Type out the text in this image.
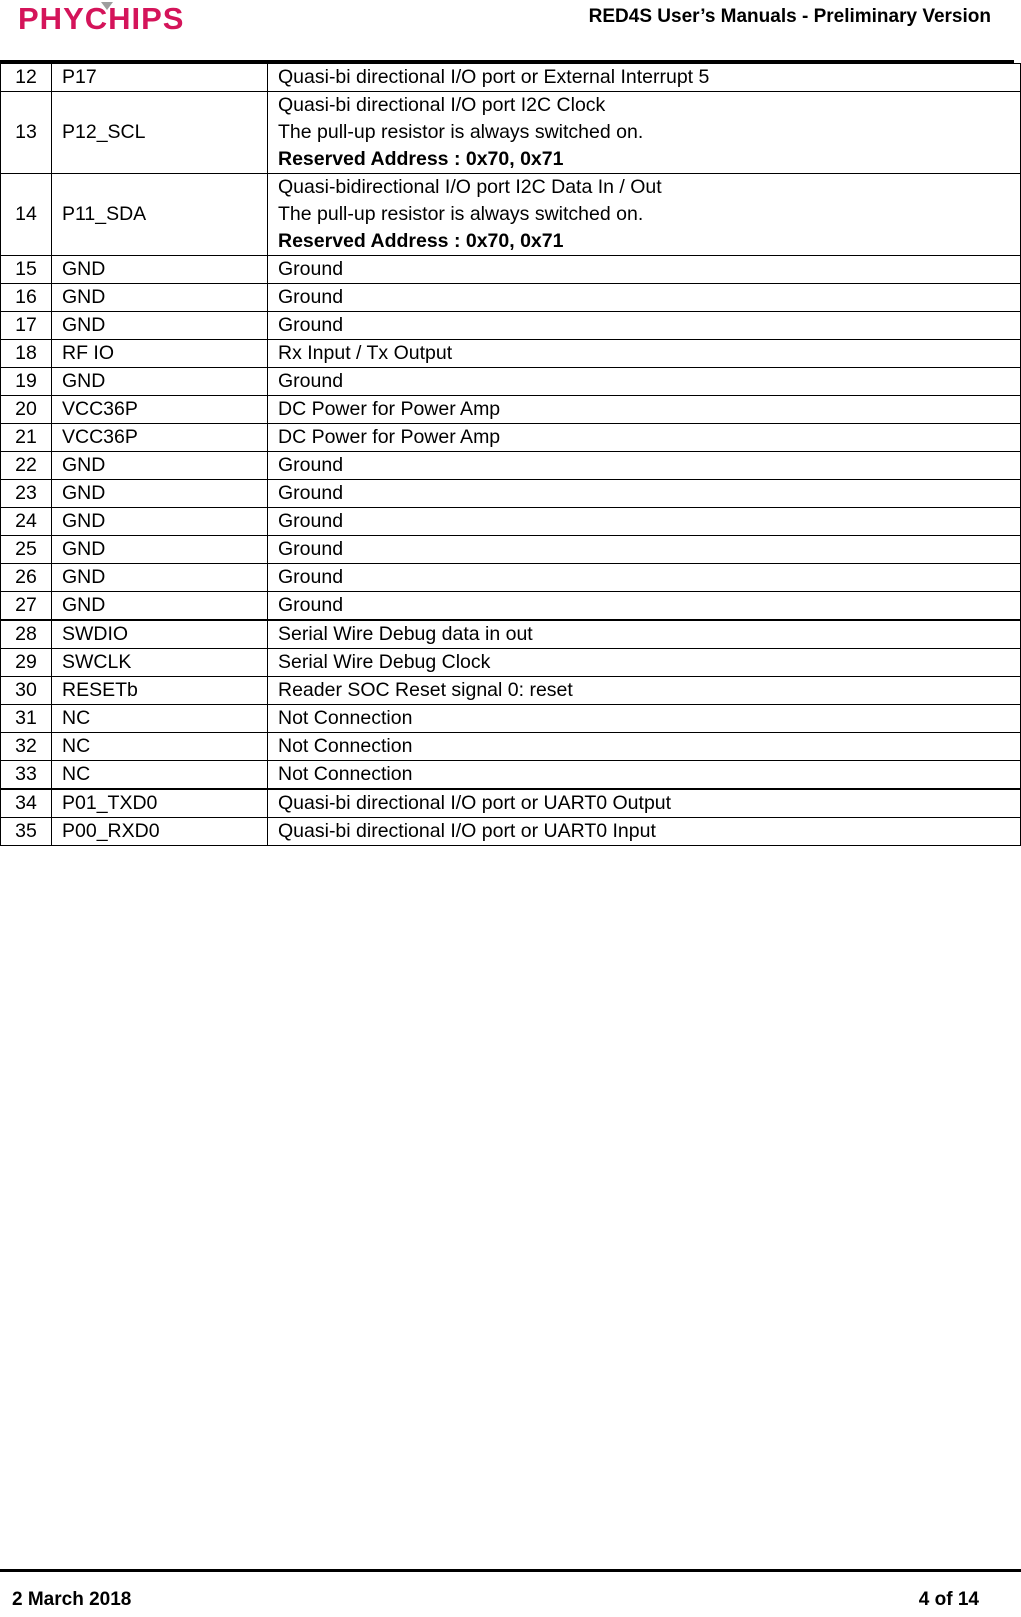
PHYCHIPS	RED4S User’s Manuals - Preliminary Version
12	P17	Quasi-bi directional I/O port or External Interrupt 5

13	P12_SCL	Quasi-bi directional I/O port I2C Clock
The pull-up resistor is always switched on.
Reserved Address : 0x70, 0x71

14	P11_SDA	Quasi-bidirectional I/O port I2C Data In / Out
The pull-up resistor is always switched on.
Reserved Address : 0x70, 0x71

15	GND	Ground

16	GND	Ground

17	GND	Ground

18	RF IO	Rx Input / Tx Output

19	GND	Ground

20	VCC36P	DC Power for Power Amp

21	VCC36P	DC Power for Power Amp

22	GND	Ground

23	GND	Ground

24	GND	Ground

25	GND	Ground

26	GND	Ground

27	GND	Ground

28	SWDIO	Serial Wire Debug data in out

29	SWCLK	Serial Wire Debug Clock

30	RESETb	Reader SOC Reset signal 0: reset

31	NC	Not Connection

32	NC	Not Connection

33	NC	Not Connection

34	P01_TXD0	Quasi-bi directional I/O port or UART0 Output

35	P00_RXD0	Quasi-bi directional I/O port or UART0 Input
2 March 2018	4 of 14
